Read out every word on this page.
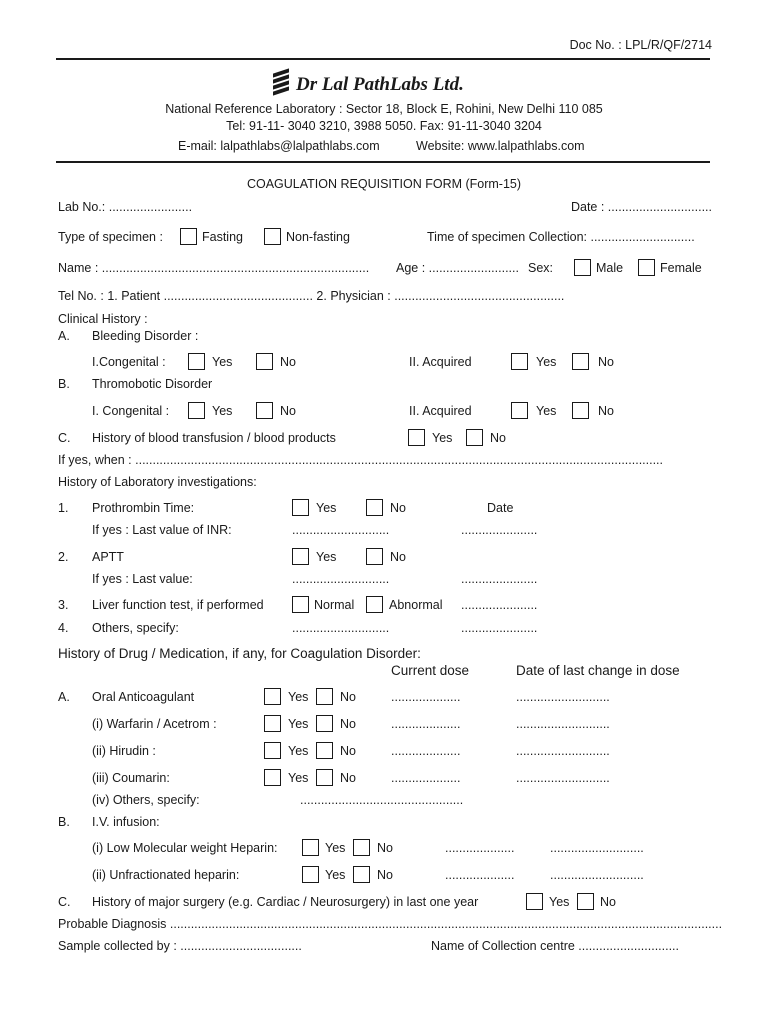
Doc No. : LPL/R/QF/2714
Dr Lal PathLabs Ltd.
National Reference Laboratory : Sector 18, Block E, Rohini, New Delhi 110 085
Tel: 91-11- 3040 3210, 3988 5050. Fax: 91-11-3040 3204
E-mail: lalpathlabs@lalpathlabs.com	Website: www.lalpathlabs.com
COAGULATION REQUISITION FORM (Form-15)
Lab No.: ........................	Date : ..............................
Type of specimen :	Fasting	Non-fasting	Time of specimen Collection: ..............................
Name : ............................................................................. Age : .......................... Sex:	Male	Female
Tel No. : 1. Patient ........................................... 2. Physician : .................................................
Clinical History :
A. Bleeding Disorder :
I.Congenital :	Yes	No	II. Acquired	Yes	No
B. Thromobotic Disorder
I. Congenital :	Yes	No	II. Acquired	Yes	No
C. History of blood transfusion / blood products	Yes	No
If yes, when : ........................................................................................................................................................
History of Laboratory investigations:
1. Prothrombin Time:	Yes	No	Date
If yes : Last value of INR:	............................	......................
2. APTT	Yes	No
If yes : Last value:	............................	......................
3. Liver function test, if performed	Normal	Abnormal ......................
4. Others, specify:	............................	......................
History of Drug / Medication, if any, for Coagulation Disorder:
Current dose	Date of last change in dose
A. Oral Anticoagulant	Yes	No	....................	...........................
(i) Warfarin / Acetrom :	Yes	No	....................	...........................
(ii) Hirudin :	Yes	No	....................	...........................
(iii) Coumarin:	Yes	No	....................	...........................
(iv) Others, specify:	...............................................
B. I.V. infusion:
(i) Low Molecular weight Heparin:	Yes	No	....................	...........................
(ii) Unfractionated heparin:	Yes	No	....................	...........................
C. History of major surgery (e.g. Cardiac / Neurosurgery) in last one year	Yes No
Probable Diagnosis ...............................................................................................................................................................
Sample collected by : ...................................	Name of Collection centre .............................
